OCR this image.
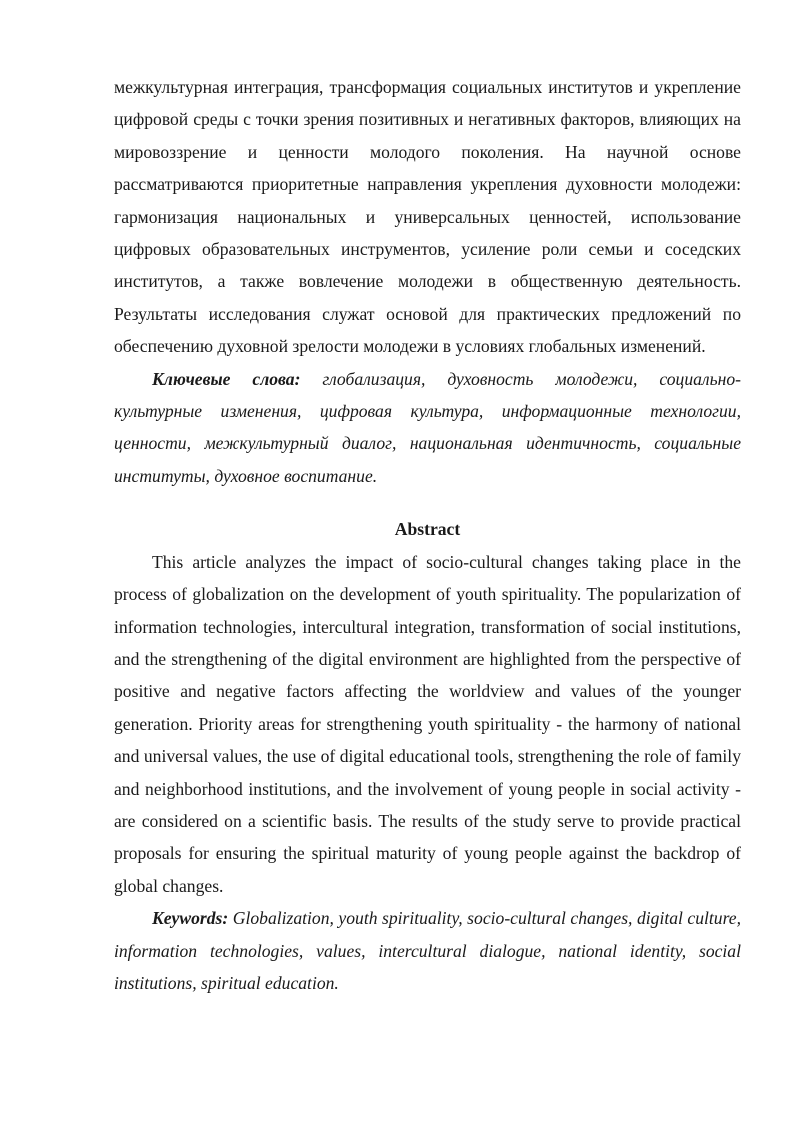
межкультурная интеграция, трансформация социальных институтов и укрепление цифровой среды с точки зрения позитивных и негативных факторов, влияющих на мировоззрение и ценности молодого поколения. На научной основе рассматриваются приоритетные направления укрепления духовности молодежи: гармонизация национальных и универсальных ценностей, использование цифровых образовательных инструментов, усиление роли семьи и соседских институтов, а также вовлечение молодежи в общественную деятельность. Результаты исследования служат основой для практических предложений по обеспечению духовной зрелости молодежи в условиях глобальных изменений.

Ключевые слова: глобализация, духовность молодежи, социально-культурные изменения, цифровая культура, информационные технологии, ценности, межкультурный диалог, национальная идентичность, социальные институты, духовное воспитание.

Abstract

This article analyzes the impact of socio-cultural changes taking place in the process of globalization on the development of youth spirituality. The popularization of information technologies, intercultural integration, transformation of social institutions, and the strengthening of the digital environment are highlighted from the perspective of positive and negative factors affecting the worldview and values of the younger generation. Priority areas for strengthening youth spirituality - the harmony of national and universal values, the use of digital educational tools, strengthening the role of family and neighborhood institutions, and the involvement of young people in social activity - are considered on a scientific basis. The results of the study serve to provide practical proposals for ensuring the spiritual maturity of young people against the backdrop of global changes.

Keywords: Globalization, youth spirituality, socio-cultural changes, digital culture, information technologies, values, intercultural dialogue, national identity, social institutions, spiritual education.
